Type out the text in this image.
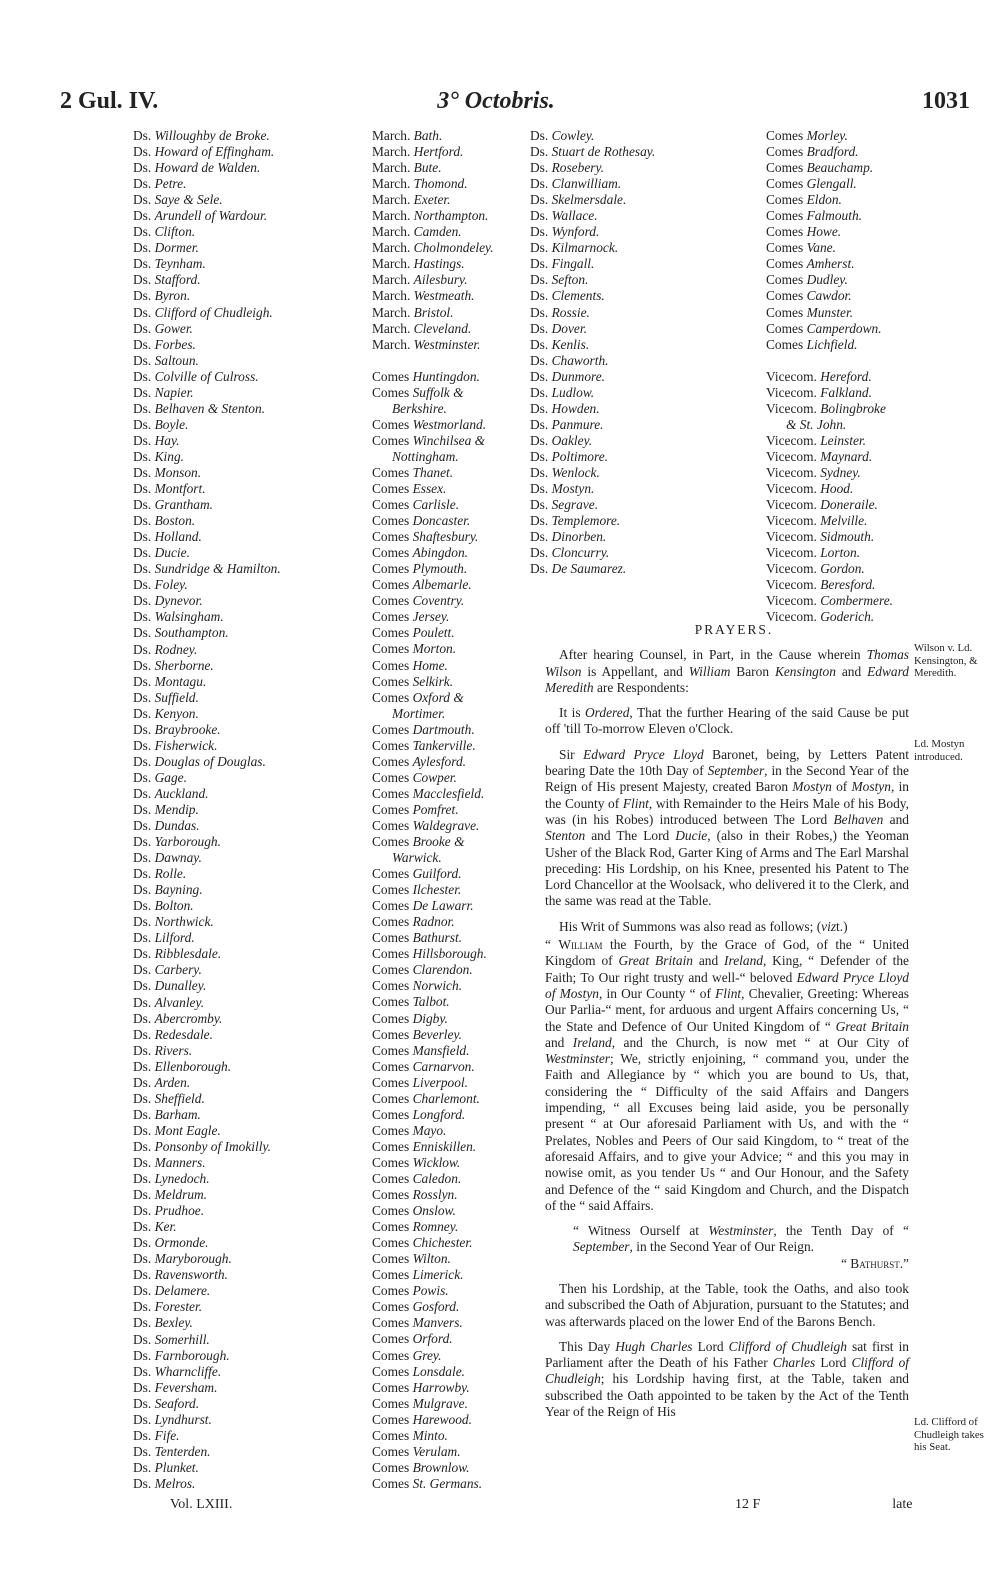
2 Gul. IV.	3° Octobris.	1031
Ds. Willoughby de Broke.
Ds. Howard of Effingham.
Ds. Howard de Walden.
Ds. Petre.
Ds. Saye & Sele.
Ds. Arundell of Wardour.
Ds. Clifton.
Ds. Dormer.
Ds. Teynham.
Ds. Stafford.
Ds. Byron.
Ds. Clifford of Chudleigh.
Ds. Gower.
Ds. Forbes.
Ds. Saltoun.
Ds. Colville of Culross.
Ds. Napier.
Ds. Belhaven & Stenton.
Ds. Boyle.
Ds. Hay.
Ds. King.
Ds. Monson.
Ds. Montfort.
Ds. Grantham.
Ds. Boston.
Ds. Holland.
Ds. Ducie.
Ds. Sundridge & Hamilton.
Ds. Foley.
Ds. Dynevor.
Ds. Walsingham.
Ds. Southampton.
Ds. Rodney.
Ds. Sherborne.
Ds. Montagu.
Ds. Suffield.
Ds. Kenyon.
Ds. Braybrooke.
Ds. Fisherwick.
Ds. Douglas of Douglas.
Ds. Gage.
Ds. Auckland.
Ds. Mendip.
Ds. Dundas.
Ds. Yarborough.
Ds. Dawnay.
Ds. Rolle.
Ds. Bayning.
Ds. Bolton.
Ds. Northwick.
Ds. Lilford.
Ds. Ribblesdale.
Ds. Carbery.
Ds. Dunalley.
Ds. Alvanley.
Ds. Abercromby.
Ds. Redesdale.
Ds. Rivers.
Ds. Ellenborough.
Ds. Arden.
Ds. Sheffield.
Ds. Barham.
Ds. Mont Eagle.
Ds. Ponsonby of Imokilly.
Ds. Manners.
Ds. Lynedoch.
Ds. Meldrum.
Ds. Prudhoe.
Ds. Ker.
Ds. Ormonde.
Ds. Maryborough.
Ds. Ravensworth.
Ds. Delamere.
Ds. Forester.
Ds. Bexley.
Ds. Somerhill.
Ds. Farnborough.
Ds. Wharncliffe.
Ds. Feversham.
Ds. Seaford.
Ds. Lyndhurst.
Ds. Fife.
Ds. Tenterden.
Ds. Plunket.
Ds. Melros.
March. Bath.
March. Hertford.
March. Bute.
March. Thomond.
March. Exeter.
March. Northampton.
March. Camden.
March. Cholmondeley.
March. Hastings.
March. Ailesbury.
March. Westmeath.
March. Bristol.
March. Cleveland.
March. Westminster.
Comes Huntingdon.
Comes Suffolk &
Berkshire.
Comes Westmorland.
Comes Winchilsea &
Nottingham.
Comes Thanet.
Comes Essex.
Comes Carlisle.
Comes Doncaster.
Comes Shaftesbury.
Comes Abingdon.
Comes Plymouth.
Comes Albemarle.
Comes Coventry.
Comes Jersey.
Comes Poulett.
Comes Morton.
Comes Home.
Comes Selkirk.
Comes Oxford &
Mortimer.
Comes Dartmouth.
Comes Tankerville.
Comes Aylesford.
Comes Cowper.
Comes Macclesfield.
Comes Pomfret.
Comes Waldegrave.
Comes Brooke &
Warwick.
Comes Guilford.
Comes Ilchester.
Comes De Lawarr.
Comes Radnor.
Comes Bathurst.
Comes Hillsborough.
Comes Clarendon.
Comes Norwich.
Comes Talbot.
Comes Digby.
Comes Beverley.
Comes Mansfield.
Comes Carnarvon.
Comes Liverpool.
Comes Charlemont.
Comes Longford.
Comes Mayo.
Comes Enniskillen.
Comes Wicklow.
Comes Caledon.
Comes Rosslyn.
Comes Onslow.
Comes Romney.
Comes Chichester.
Comes Wilton.
Comes Limerick.
Comes Powis.
Comes Gosford.
Comes Manvers.
Comes Orford.
Comes Grey.
Comes Lonsdale.
Comes Harrowby.
Comes Mulgrave.
Comes Harewood.
Comes Minto.
Comes Verulam.
Comes Brownlow.
Comes St. Germans.
Ds. Cowley.
Ds. Stuart de Rothesay.
Ds. Rosebery.
Ds. Clanwilliam.
Ds. Skelmersdale.
Ds. Wallace.
Ds. Wynford.
Ds. Kilmarnock.
Ds. Fingall.
Ds. Sefton.
Ds. Clements.
Ds. Rossie.
Ds. Dover.
Ds. Kenlis.
Ds. Chaworth.
Ds. Dunmore.
Ds. Ludlow.
Ds. Howden.
Ds. Panmure.
Ds. Oakley.
Ds. Poltimore.
Ds. Wenlock.
Ds. Mostyn.
Ds. Segrave.
Ds. Templemore.
Ds. Dinorben.
Ds. Cloncurry.
Ds. De Saumarez.
Comes Morley.
Comes Bradford.
Comes Beauchamp.
Comes Glengall.
Comes Eldon.
Comes Falmouth.
Comes Howe.
Comes Vane.
Comes Amherst.
Comes Dudley.
Comes Cawdor.
Comes Munster.
Comes Camperdown.
Comes Lichfield.
Vicecom. Hereford.
Vicecom. Falkland.
Vicecom. Bolingbroke
& St. John.
Vicecom. Leinster.
Vicecom. Maynard.
Vicecom. Sydney.
Vicecom. Hood.
Vicecom. Doneraile.
Vicecom. Melville.
Vicecom. Sidmouth.
Vicecom. Lorton.
Vicecom. Gordon.
Vicecom. Beresford.
Vicecom. Combermere.
Vicecom. Goderich.

PRAYERS.

After hearing Counsel, in Part, in the Cause wherein Thomas Wilson is Appellant, and William Baron Kensington and Edward Meredith are Respondents:

It is Ordered, That the further Hearing of the said Cause be put off 'till To-morrow Eleven o'Clock.

Sir Edward Pryce Lloyd Baronet, being, by Letters Patent bearing Date the 10th Day of September, in the Second Year of the Reign of His present Majesty, created Baron Mostyn of Mostyn, in the County of Flint, with Remainder to the Heirs Male of his Body, was (in his Robes) introduced between The Lord Belhaven and Stenton and The Lord Ducie, (also in their Robes,) the Yeoman Usher of the Black Rod, Garter King of Arms and The Earl Marshal preceding: His Lordship, on his Knee, presented his Patent to The Lord Chancellor at the Woolsack, who delivered it to the Clerk, and the same was read at the Table.

His Writ of Summons was also read as follows; (vizt.)

“ William the Fourth, by the Grace of God, of the “ United Kingdom of Great Britain and Ireland, King, “ Defender of the Faith; To Our right trusty and well-“ beloved Edward Pryce Lloyd of Mostyn, in Our County “ of Flint, Chevalier, Greeting: Whereas Our Parlia-“ ment, for arduous and urgent Affairs concerning Us, “ the State and Defence of Our United Kingdom of “ Great Britain and Ireland, and the Church, is now met “ at Our City of Westminster; We, strictly enjoining, “ command you, under the Faith and Allegiance by “ which you are bound to Us, that, considering the “ Difficulty of the said Affairs and Dangers impending, “ all Excuses being laid aside, you be personally present “ at Our aforesaid Parliament with Us, and with the “ Prelates, Nobles and Peers of Our said Kingdom, to “ treat of the aforesaid Affairs, and to give your Advice; “ and this you may in nowise omit, as you tender Us “ and Our Honour, and the Safety and Defence of the “ said Kingdom and Church, and the Dispatch of the “ said Affairs.

“ Witness Ourself at Westminster, the Tenth Day of “ September, in the Second Year of Our Reign.

“ Bathurst.”

Then his Lordship, at the Table, took the Oaths, and also took and subscribed the Oath of Abjuration, pursuant to the Statutes; and was afterwards placed on the lower End of the Barons Bench.

This Day Hugh Charles Lord Clifford of Chudleigh sat first in Parliament after the Death of his Father Charles Lord Clifford of Chudleigh; his Lordship having first, at the Table, taken and subscribed the Oath appointed to be taken by the Act of the Tenth Year of the Reign of His

Wilson v. Ld. Kensington, & Meredith.
Ld. Mostyn introduced.
Ld. Clifford of Chudleigh takes his Seat.
Vol. LXIII.	12 F	late
